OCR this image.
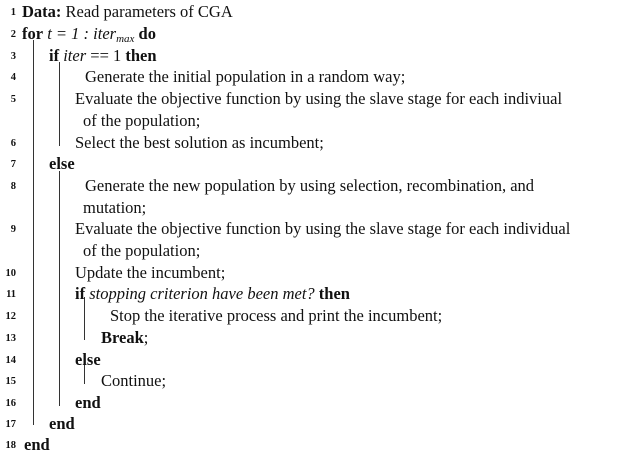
1 Data: Read parameters of CGA
2 for t = 1 : iter$_{max}$ do
3 if iter == 1 then
4	Generate the initial population in a random way;
5	Evaluate the objective function by using the slave stage for each indiviual
of the population;
6	Select the best solution as incumbent;
7 else
8	Generate the new population by using selection, recombination, and
mutation;
9	Evaluate the objective function by using the slave stage for each individual
of the population;
10	Update the incumbent;
11	if stopping criterion have been met? then
12	Stop the iterative process and print the incumbent;
13	Break;
14	else
15	Continue;
16	end
17 end
18 end
